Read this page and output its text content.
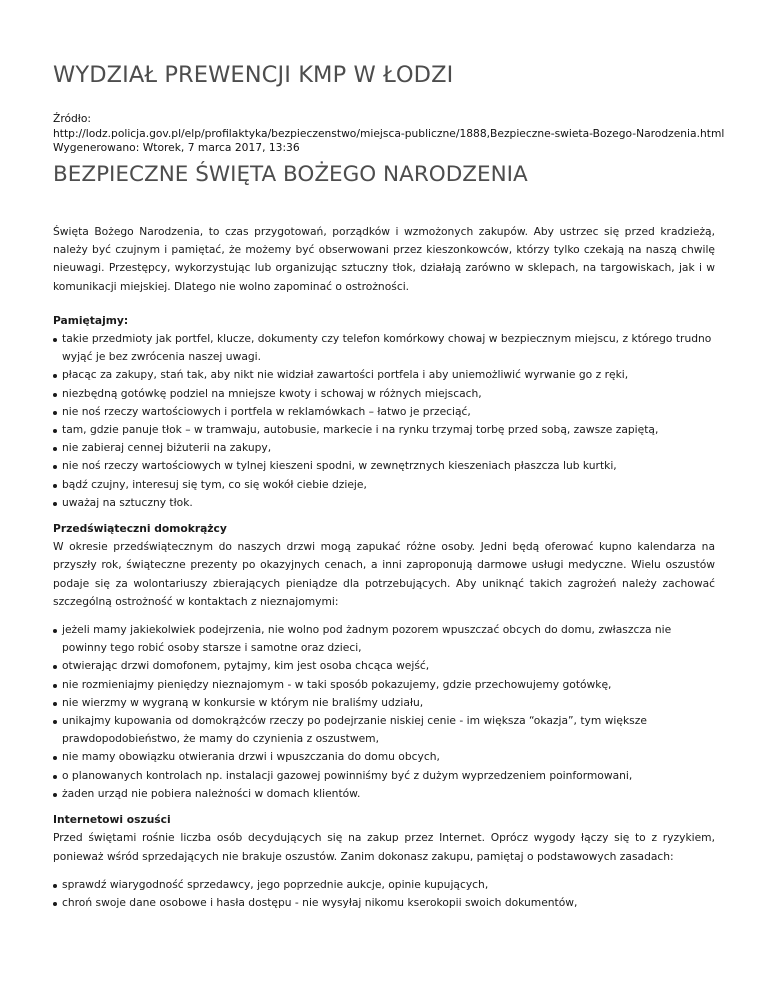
WYDZIAŁ PREWENCJI KMP W ŁODZI
Źródło:
http://lodz.policja.gov.pl/elp/profilaktyka/bezpieczenstwo/miejsca-publiczne/1888,Bezpieczne-swieta-Bozego-Narodzenia.html
Wygenerowano: Wtorek, 7 marca 2017, 13:36
BEZPIECZNE ŚWIĘTA BOŻEGO NARODZENIA

Święta Bożego Narodzenia, to czas przygotowań, porządków i wzmożonych zakupów. Aby ustrzec się przed kradzieżą, należy być czujnym i pamiętać, że możemy być obserwowani przez kieszonkowców, którzy tylko czekają na naszą chwilę nieuwagi. Przestępcy, wykorzystując lub organizując sztuczny tłok, działają zarówno w sklepach, na targowiskach, jak i w komunikacji miejskiej. Dlatego nie wolno zapominać o ostrożności.

Pamiętajmy:

takie przedmioty jak portfel, klucze, dokumenty czy telefon komórkowy chowaj w bezpiecznym miejscu, z którego trudno wyjąć je bez zwrócenia naszej uwagi.
płacąc za zakupy, stań tak, aby nikt nie widział zawartości portfela i aby uniemożliwić wyrwanie go z ręki,
niezbędną gotówkę podziel na mniejsze kwoty i schowaj w różnych miejscach,
nie noś rzeczy wartościowych i portfela w reklamówkach – łatwo je przeciąć,
tam, gdzie panuje tłok – w tramwaju, autobusie, markecie i na rynku trzymaj torbę przed sobą, zawsze zapiętą,
nie zabieraj cennej biżuterii na zakupy,
nie noś rzeczy wartościowych w tylnej kieszeni spodni, w zewnętrznych kieszeniach płaszcza lub kurtki,
bądź czujny, interesuj się tym, co się wokół ciebie dzieje,
uważaj na sztuczny tłok.

Przedświąteczni domokrążcy

W okresie przedświątecznym do naszych drzwi mogą zapukać różne osoby. Jedni będą oferować kupno kalendarza na przyszły rok, świąteczne prezenty po okazyjnych cenach, a inni zaproponują darmowe usługi medyczne. Wielu oszustów podaje się za wolontariuszy zbierających pieniądze dla potrzebujących. Aby uniknąć takich zagrożeń należy zachować szczególną ostrożność w kontaktach z nieznajomymi:

jeżeli mamy jakiekolwiek podejrzenia, nie wolno pod żadnym pozorem wpuszczać obcych do domu, zwłaszcza nie powinny tego robić osoby starsze i samotne oraz dzieci,
otwierając drzwi domofonem, pytajmy, kim jest osoba chcąca wejść,
nie rozmieniajmy pieniędzy nieznajomym - w taki sposób pokazujemy, gdzie przechowujemy gotówkę,
nie wierzmy w wygraną w konkursie w którym nie braliśmy udziału,
unikajmy kupowania od domokrążców rzeczy po podejrzanie niskiej cenie - im większa “okazja”, tym większe prawdopodobieństwo, że mamy do czynienia z oszustwem,
nie mamy obowiązku otwierania drzwi i wpuszczania do domu obcych,
o planowanych kontrolach np. instalacji gazowej powinniśmy być z dużym wyprzedzeniem poinformowani,
żaden urząd nie pobiera należności w domach klientów.

Internetowi oszuści

Przed świętami rośnie liczba osób decydujących się na zakup przez Internet. Oprócz wygody łączy się to z ryzykiem, ponieważ wśród sprzedających nie brakuje oszustów. Zanim dokonasz zakupu, pamiętaj o podstawowych zasadach:

sprawdź wiarygodność sprzedawcy, jego poprzednie aukcje, opinie kupujących,
chroń swoje dane osobowe i hasła dostępu - nie wysyłaj nikomu kserokopii swoich dokumentów,
